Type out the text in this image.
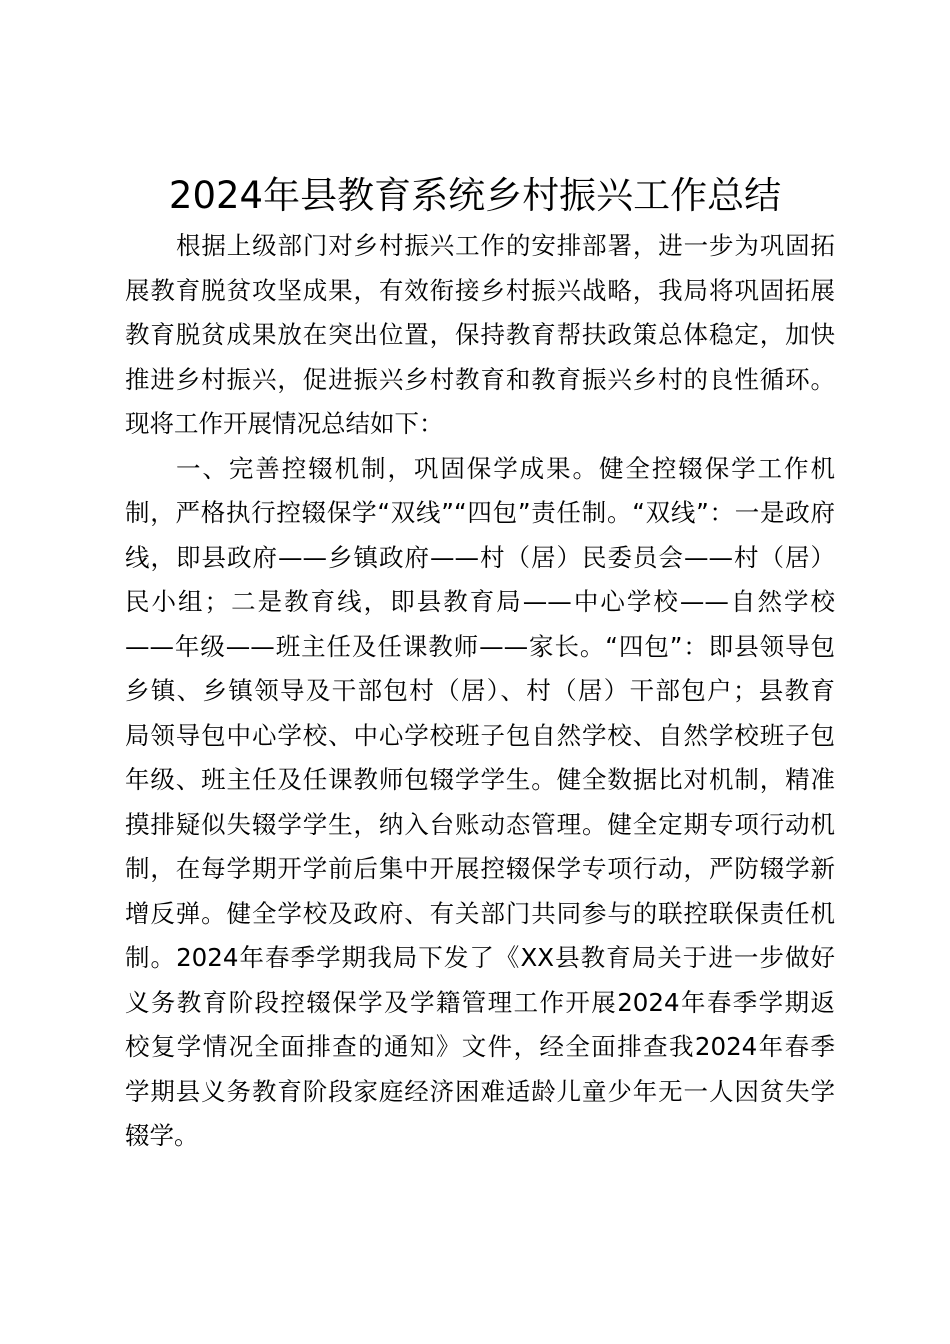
2024年县教育系统乡村振兴工作总结
根据上级部门对乡村振兴工作的安排部署，进一步为巩固拓
展教育脱贫攻坚成果，有效衔接乡村振兴战略，我局将巩固拓展
教育脱贫成果放在突出位置，保持教育帮扶政策总体稳定，加快
推进乡村振兴，促进振兴乡村教育和教育振兴乡村的良性循环。
现将工作开展情况总结如下：
一、完善控辍机制，巩固保学成果。健全控辍保学工作机
制，严格执行控辍保学“双线”“四包”责任制。“双线”：一是政府
线，即县政府——乡镇政府——村（居）民委员会——村（居）
民小组；二是教育线，即县教育局——中心学校——自然学校
——年级——班主任及任课教师——家长。“四包”：即县领导包
乡镇、乡镇领导及干部包村（居）、村（居）干部包户；县教育
局领导包中心学校、中心学校班子包自然学校、自然学校班子包
年级、班主任及任课教师包辍学学生。健全数据比对机制，精准
摸排疑似失辍学学生，纳入台账动态管理。健全定期专项行动机
制，在每学期开学前后集中开展控辍保学专项行动，严防辍学新
增反弹。健全学校及政府、有关部门共同参与的联控联保责任机
制。2024年春季学期我局下发了《XX县教育局关于进一步做好
义务教育阶段控辍保学及学籍管理工作开展2024年春季学期返
校复学情况全面排查的通知》文件，经全面排查我2024年春季
学期县义务教育阶段家庭经济困难适龄儿童少年无一人因贫失学
辍学。
